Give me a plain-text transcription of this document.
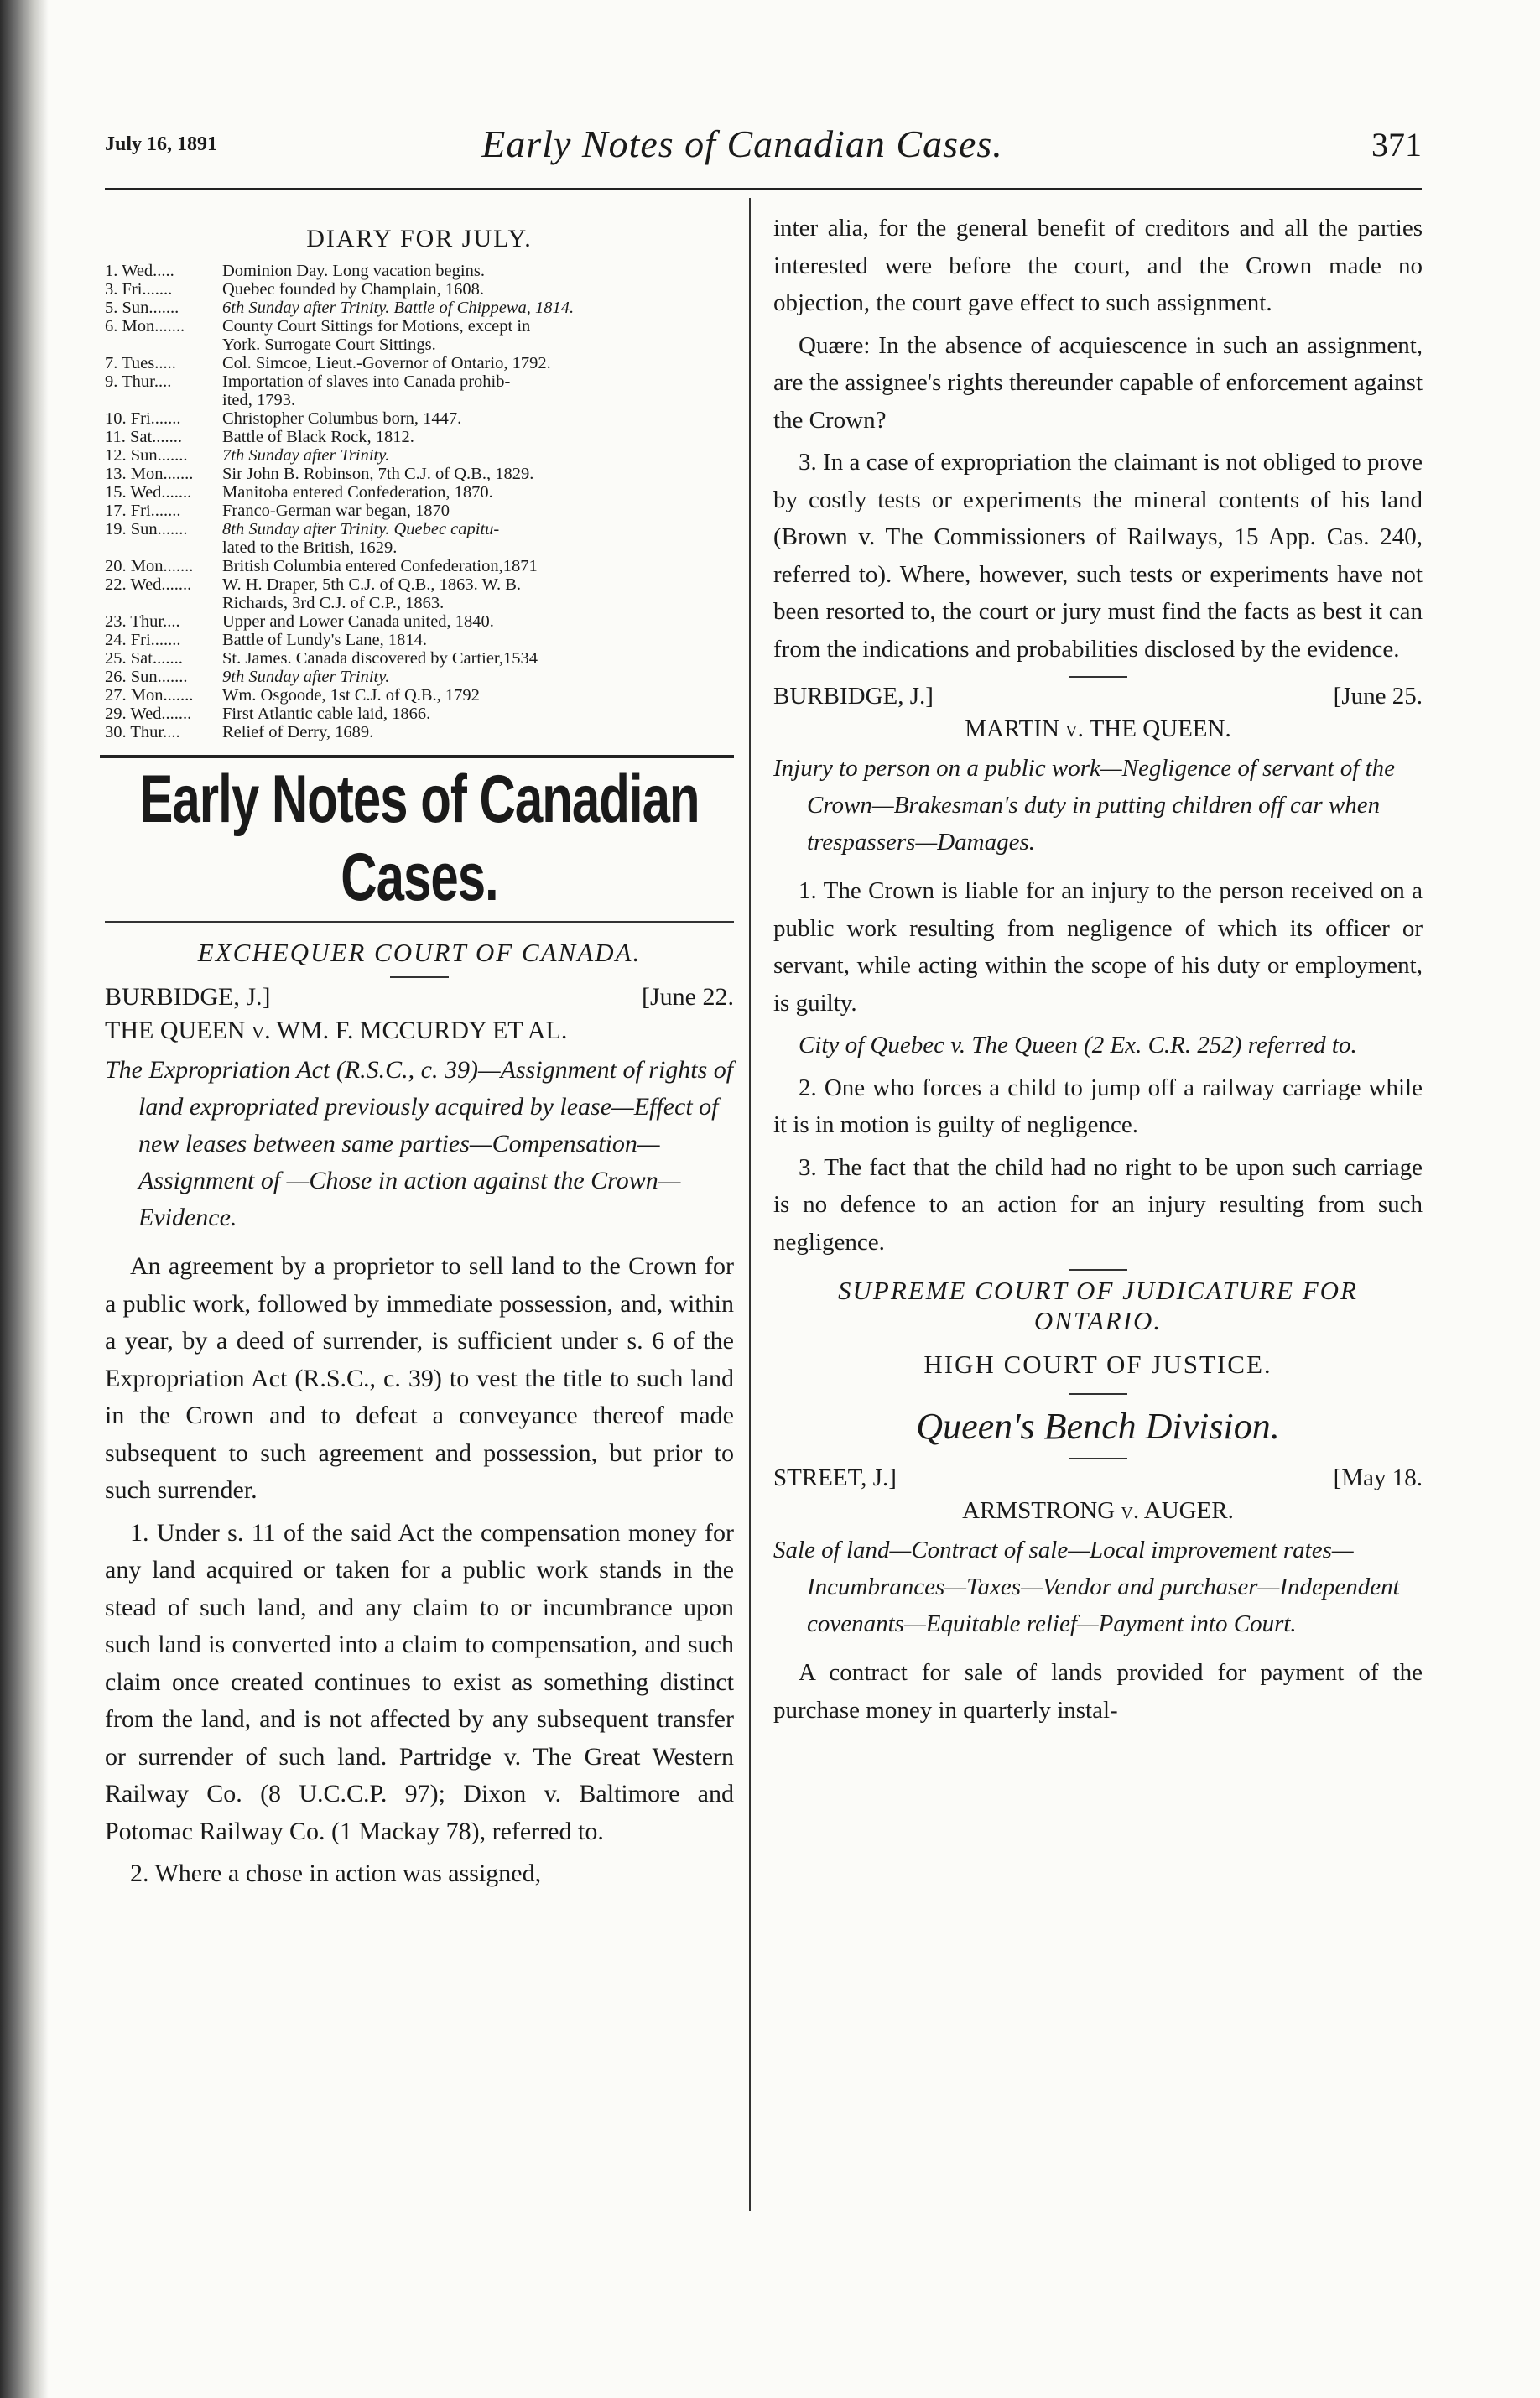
July 16, 1891	Early Notes of Canadian Cases.	371
DIARY FOR JULY.
1. Wed.....	Dominion Day. Long vacation begins.
3. Fri.......	Quebec founded by Champlain, 1608.
5. Sun.......	6th Sunday after Trinity. Battle of Chippewa, 1814.
6. Mon.......	County Court Sittings for Motions, except in
York. Surrogate Court Sittings.
7. Tues.....	Col. Simcoe, Lieut.-Governor of Ontario, 1792.
9. Thur....	Importation of slaves into Canada prohib-
ited, 1793.
10. Fri.......	Christopher Columbus born, 1447.
11. Sat.......	Battle of Black Rock, 1812.
12. Sun.......	7th Sunday after Trinity.
13. Mon.......	Sir John B. Robinson, 7th C.J. of Q.B., 1829.
15. Wed.......	Manitoba entered Confederation, 1870.
17. Fri.......	Franco-German war began, 1870
19. Sun.......	8th Sunday after Trinity. Quebec capitu-
lated to the British, 1629.
20. Mon.......	British Columbia entered Confederation,1871
22. Wed.......	W. H. Draper, 5th C.J. of Q.B., 1863. W. B.
Richards, 3rd C.J. of C.P., 1863.
23. Thur....	Upper and Lower Canada united, 1840.
24. Fri.......	Battle of Lundy's Lane, 1814.
25. Sat.......	St. James. Canada discovered by Cartier,1534
26. Sun.......	9th Sunday after Trinity.
27. Mon.......	Wm. Osgoode, 1st C.J. of Q.B., 1792
29. Wed.......	First Atlantic cable laid, 1866.
30. Thur....	Relief of Derry, 1689.
Early Notes of Canadian Cases.
EXCHEQUER COURT OF CANADA.
BURBIDGE, J.]	[June 22.
THE QUEEN v. WM. F. MCCURDY ET AL.
The Expropriation Act (R.S.C., c. 39)—Assignment of rights of land expropriated previously acquired by lease—Effect of new leases between same parties—Compensation—Assignment of —Chose in action against the Crown—Evidence.

An agreement by a proprietor to sell land to the Crown for a public work, followed by immediate possession, and, within a year, by a deed of surrender, is sufficient under s. 6 of the Expropriation Act (R.S.C., c. 39) to vest the title to such land in the Crown and to defeat a conveyance thereof made subsequent to such agreement and possession, but prior to such surrender.

1. Under s. 11 of the said Act the compensation money for any land acquired or taken for a public work stands in the stead of such land, and any claim to or incumbrance upon such land is converted into a claim to compensation, and such claim once created continues to exist as something distinct from the land, and is not affected by any subsequent transfer or surrender of such land. Partridge v. The Great Western Railway Co. (8 U.C.C.P. 97); Dixon v. Baltimore and Potomac Railway Co. (1 Mackay 78), referred to.

2. Where a chose in action was assigned,

inter alia, for the general benefit of creditors and all the parties interested were before the court, and the Crown made no objection, the court gave effect to such assignment.

Quære: In the absence of acquiescence in such an assignment, are the assignee's rights thereunder capable of enforcement against the Crown?

3. In a case of expropriation the claimant is not obliged to prove by costly tests or experiments the mineral contents of his land (Brown v. The Commissioners of Railways, 15 App. Cas. 240, referred to). Where, however, such tests or experiments have not been resorted to, the court or jury must find the facts as best it can from the indications and probabilities disclosed by the evidence.

BURBIDGE, J.]	[June 25.
MARTIN v. THE QUEEN.
Injury to person on a public work—Negligence of servant of the Crown—Brakesman's duty in putting children off car when trespassers—Damages.

1. The Crown is liable for an injury to the person received on a public work resulting from negligence of which its officer or servant, while acting within the scope of his duty or employment, is guilty.

City of Quebec v. The Queen (2 Ex. C.R. 252) referred to.

2. One who forces a child to jump off a railway carriage while it is in motion is guilty of negligence.

3. The fact that the child had no right to be upon such carriage is no defence to an action for an injury resulting from such negligence.

SUPREME COURT OF JUDICATURE FOR ONTARIO.
HIGH COURT OF JUSTICE.
Queen's Bench Division.
STREET, J.]	[May 18.
ARMSTRONG v. AUGER.
Sale of land—Contract of sale—Local improvement rates—Incumbrances—Taxes—Vendor and purchaser—Independent covenants—Equitable relief—Payment into Court.

A contract for sale of lands provided for payment of the purchase money in quarterly instal-
